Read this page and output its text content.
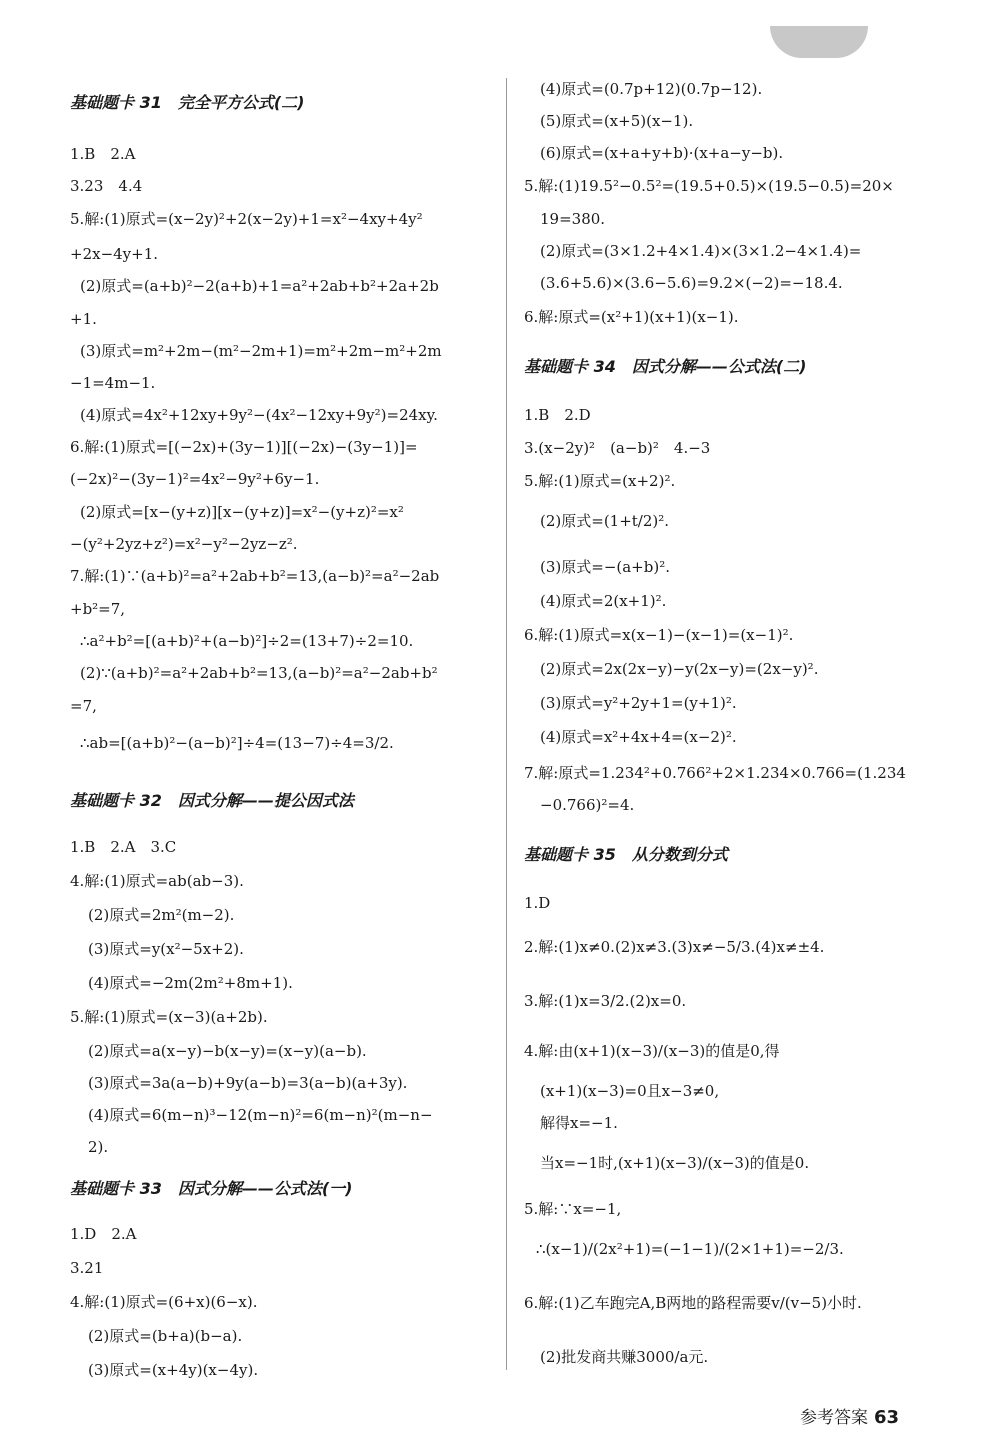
基础题卡 31　完全平方公式(二)
1.B　2.A
3.23　4.4
5.解:(1)原式=(x−2y)²+2(x−2y)+1=x²−4xy+4y²
+2x−4y+1.
(2)原式=(a+b)²−2(a+b)+1=a²+2ab+b²+2a+2b
+1.
(3)原式=m²+2m−(m²−2m+1)=m²+2m−m²+2m
−1=4m−1.
(4)原式=4x²+12xy+9y²−(4x²−12xy+9y²)=24xy.
6.解:(1)原式=[(−2x)+(3y−1)][(−2x)−(3y−1)]=
(−2x)²−(3y−1)²=4x²−9y²+6y−1.
(2)原式=[x−(y+z)][x−(y+z)]=x²−(y+z)²=x²
−(y²+2yz+z²)=x²−y²−2yz−z².
7.解:(1)∵(a+b)²=a²+2ab+b²=13,(a−b)²=a²−2ab
+b²=7,
∴a²+b²=[(a+b)²+(a−b)²]÷2=(13+7)÷2=10.
(2)∵(a+b)²=a²+2ab+b²=13,(a−b)²=a²−2ab+b²
=7,
∴ab=[(a+b)²−(a−b)²]÷4=(13−7)÷4=3/2.
基础题卡 32　因式分解——提公因式法
1.B　2.A　3.C
4.解:(1)原式=ab(ab−3).
(2)原式=2m²(m−2).
(3)原式=y(x²−5x+2).
(4)原式=−2m(2m²+8m+1).
5.解:(1)原式=(x−3)(a+2b).
(2)原式=a(x−y)−b(x−y)=(x−y)(a−b).
(3)原式=3a(a−b)+9y(a−b)=3(a−b)(a+3y).
(4)原式=6(m−n)³−12(m−n)²=6(m−n)²(m−n−
2).
基础题卡 33　因式分解——公式法(一)
1.D　2.A
3.21
4.解:(1)原式=(6+x)(6−x).
(2)原式=(b+a)(b−a).
(3)原式=(x+4y)(x−4y).
(4)原式=(0.7p+12)(0.7p−12).
(5)原式=(x+5)(x−1).
(6)原式=(x+a+y+b)·(x+a−y−b).
5.解:(1)19.5²−0.5²=(19.5+0.5)×(19.5−0.5)=20×
19=380.
(2)原式=(3×1.2+4×1.4)×(3×1.2−4×1.4)=
(3.6+5.6)×(3.6−5.6)=9.2×(−2)=−18.4.
6.解:原式=(x²+1)(x+1)(x−1).
基础题卡 34　因式分解——公式法(二)
1.B　2.D
3.(x−2y)²　(a−b)²　4.−3
5.解:(1)原式=(x+2)².
(2)原式=(1+t/2)².
(3)原式=−(a+b)².
(4)原式=2(x+1)².
6.解:(1)原式=x(x−1)−(x−1)=(x−1)².
(2)原式=2x(2x−y)−y(2x−y)=(2x−y)².
(3)原式=y²+2y+1=(y+1)².
(4)原式=x²+4x+4=(x−2)².
7.解:原式=1.234²+0.766²+2×1.234×0.766=(1.234
−0.766)²=4.
基础题卡 35　从分数到分式
1.D
2.解:(1)x≠0.(2)x≠3.(3)x≠−5/3.(4)x≠±4.
3.解:(1)x=3/2.(2)x=0.
4.解:由(x+1)(x−3)/(x−3)的值是0,得
(x+1)(x−3)=0且x−3≠0,
解得x=−1.
当x=−1时,(x+1)(x−3)/(x−3)的值是0.
5.解:∵x=−1,
∴(x−1)/(2x²+1)=(−1−1)/(2×1+1)=−2/3.
6.解:(1)乙车跑完A,B两地的路程需要v/(v−5)小时.
(2)批发商共赚3000/a元.
参考答案 63
